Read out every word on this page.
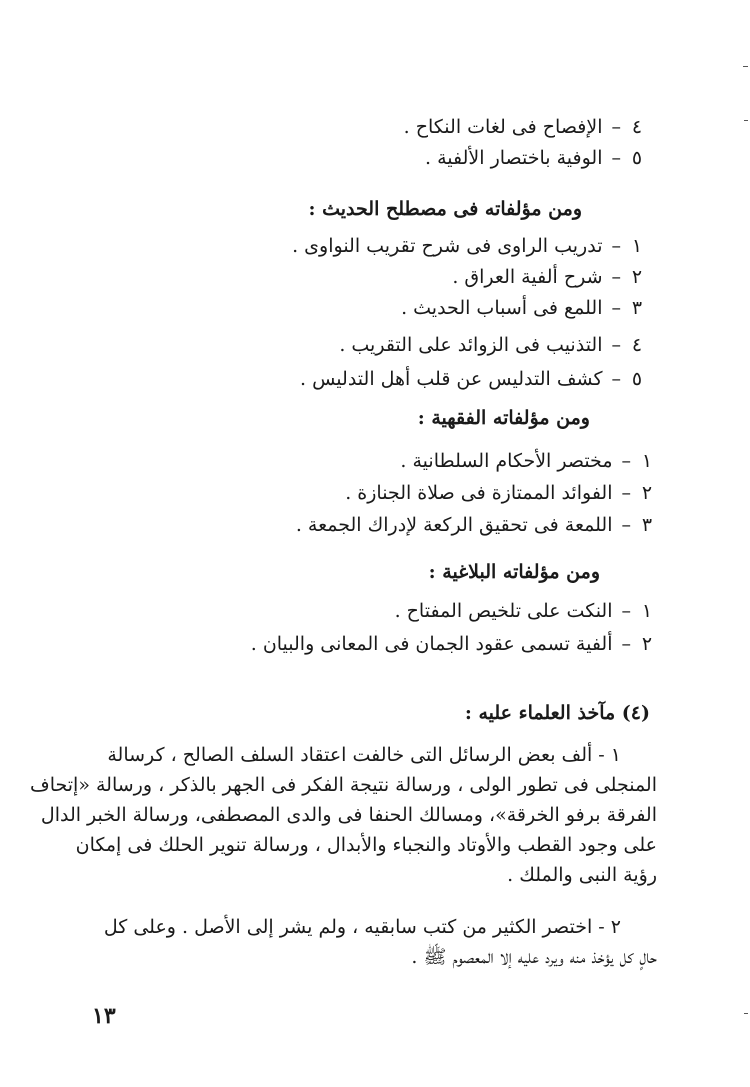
٤–الإفصاح فى لغات النكاح .
٥–الوفية باختصار الألفية .
ومن مؤلفاته فى مصطلح الحديث :
١–تدريب الراوى فى شرح تقريب النواوى .
٢–شرح ألفية العراق .
٣–اللمع فى أسباب الحديث .
٤–التذنيب فى الزوائد على التقريب .
٥–كشف التدليس عن قلب أهل التدليس .
ومن مؤلفاته الفقهية :
١–مختصر الأحكام السلطانية .
٢–الفوائد الممتازة فى صلاة الجنازة .
٣–اللمعة فى تحقيق الركعة لإدراك الجمعة .
ومن مؤلفاته البلاغية :
١–النكت على تلخيص المفتاح .
٢–ألفية تسمى عقود الجمان فى المعانى والبيان .
(٤) مآخذ العلماء عليه :
١ - ألف بعض الرسائل التى خالفت اعتقاد السلف الصالح ، كرسالة
المنجلى فى تطور الولى ، ورسالة نتيجة الفكر فى الجهر بالذكر ، ورسالة «إتحاف
الفرقة برفو الخرقة»، ومسالك الحنفا فى والدى المصطفى، ورسالة الخبر الدال
على وجود القطب والأوتاد والنجباء والأبدال ، ورسالة تنوير الحلك فى إمكان
رؤية النبى والملك .
٢ - اختصر الكثير من كتب سابقيه ، ولم يشر إلى الأصل . وعلى كل
حالٍ كل يؤخذ منه ويرد عليه إلا المعصوم ﷺ .
١٣
